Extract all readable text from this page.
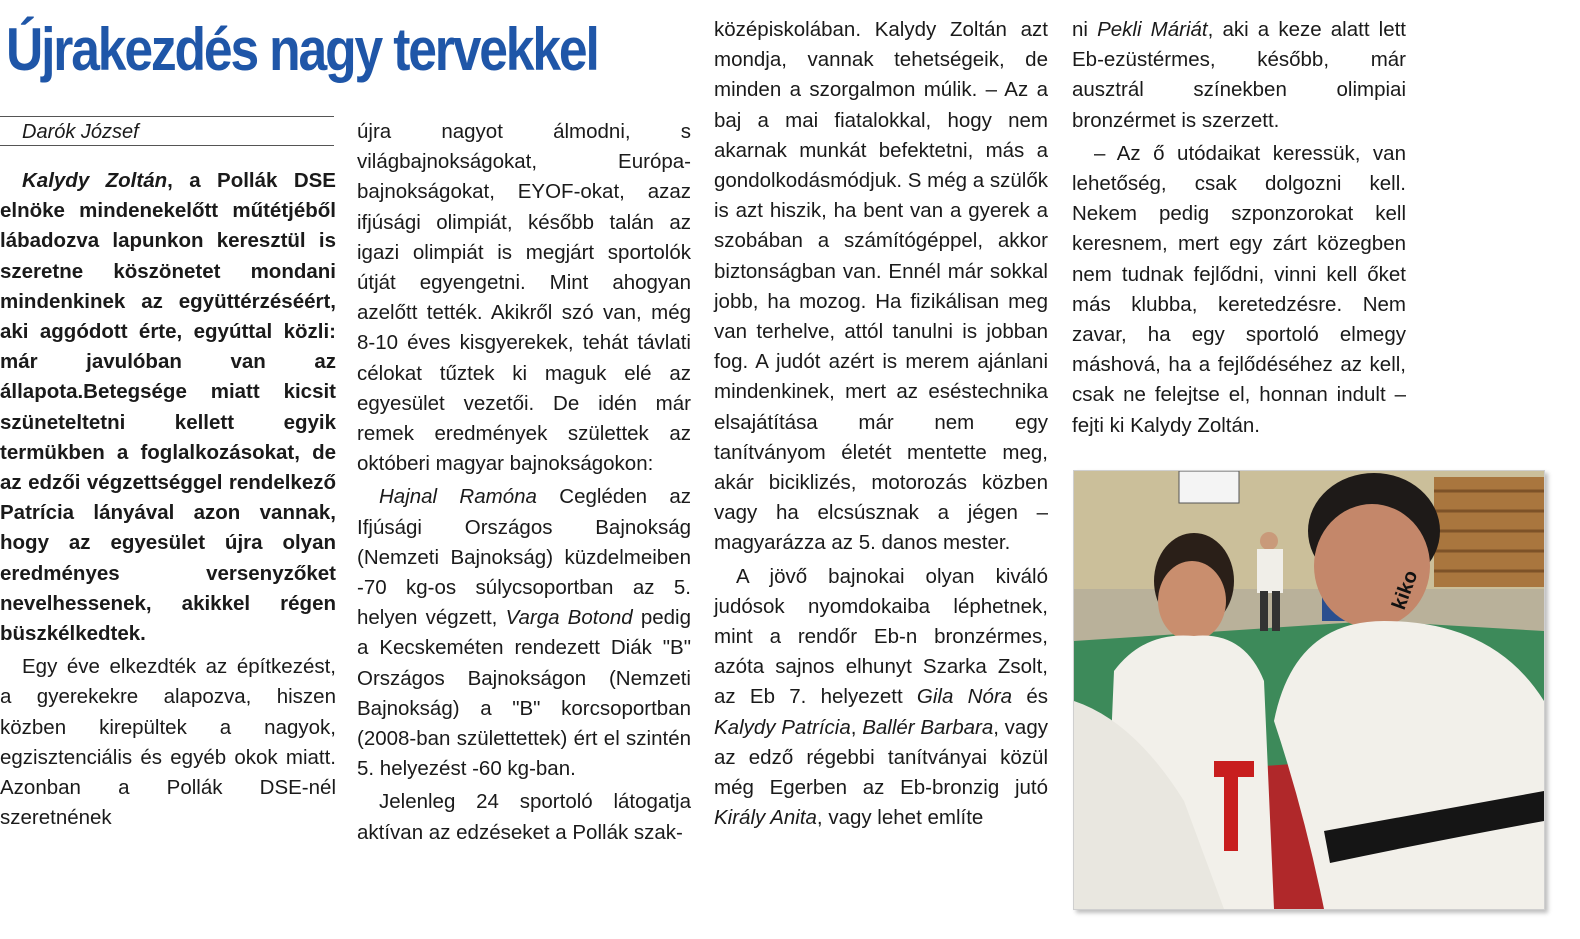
Újrakezdés nagy tervekkel
Darók József

Kalydy Zoltán, a Pollák DSE elnöke mindenekelőtt műtétjéből lábadozva lapunkon keresztül is szeretne köszönetet mondani mindenkinek az együttérzéséért, aki aggódott érte, egyúttal közli: már javulóban van az állapota.Betegsége miatt kicsit szüneteltetni kellett egyik termükben a foglalkozásokat, de az edzői végzettséggel rendelkező Patrícia lányával azon vannak, hogy az egyesület újra olyan eredményes versenyzőket nevelhessenek, akikkel régen büszkélkedtek.

Egy éve elkezdték az építkezést, a gyerekekre alapozva, hiszen közben kirepültek a nagyok, egzisztenciális és egyéb okok miatt. Azonban a Pollák DSE-nél szeretnének

újra nagyot álmodni, s világbajnokságokat, Európa-bajnokságokat, EYOF-okat, azaz ifjúsági olimpiát, később talán az igazi olimpiát is megjárt sportolók útját egyengetni. Mint ahogyan azelőtt tették. Akikről szó van, még 8-10 éves kisgyerekek, tehát távlati célokat tűztek ki maguk elé az egyesület vezetői. De idén már remek eredmények születtek az októberi magyar bajnokságokon:

Hajnal Ramóna Cegléden az Ifjúsági Országos Bajnokság (Nemzeti Bajnokság) küzdelmeiben -70 kg-os súlycsoportban az 5. helyen végzett, Varga Botond pedig a Kecskeméten rendezett Diák "B" Országos Bajnokságon (Nemzeti Bajnokság) a "B" korcsoportban (2008-ban születtettek) ért el szintén 5. helyezést -60 kg-ban.

Jelenleg 24 sportoló látogatja aktívan az edzéseket a Pollák szak-

középiskolában. Kalydy Zoltán azt mondja, vannak tehetségeik, de minden a szorgalmon múlik. – Az a baj a mai fiatalokkal, hogy nem akarnak munkát befektetni, más a gondolkodásmódjuk. S még a szülők is azt hiszik, ha bent van a gyerek a szobában a számítógéppel, akkor biztonságban van. Ennél már sokkal jobb, ha mozog. Ha fizikálisan meg van terhelve, attól tanulni is jobban fog. A judót azért is merem ajánlani mindenkinek, mert az eséstechnika elsajátítása már nem egy tanítványom életét mentette meg, akár biciklizés, motorozás közben vagy ha elcsúsznak a jégen – magyarázza az 5. danos mester.

A jövő bajnokai olyan kiváló judósok nyomdokaiba léphetnek, mint a rendőr Eb-n bronzérmes, azóta sajnos elhunyt Szarka Zsolt, az Eb 7. helyezett Gila Nóra és Kalydy Patrícia, Ballér Barbara, vagy az edző régebbi tanítványai közül még Egerben az Eb-bronzig jutó Király Anita, vagy lehet említe

ni Pekli Máriát, aki a keze alatt lett Eb-ezüstérmes, később, már ausztrál színekben olimpiai bronzérmet is szerzett.

– Az ő utódaikat keressük, van lehetőség, csak dolgozni kell. Nekem pedig szponzorokat kell keresnem, mert egy zárt közegben nem tudnak fejlődni, vinni kell őket más klubba, keretedzésre. Nem zavar, ha egy sportoló elmegy máshová, ha a fejlődéséhez az kell, csak ne felejtse el, honnan indult – fejti ki Kalydy Zoltán.

kiko
